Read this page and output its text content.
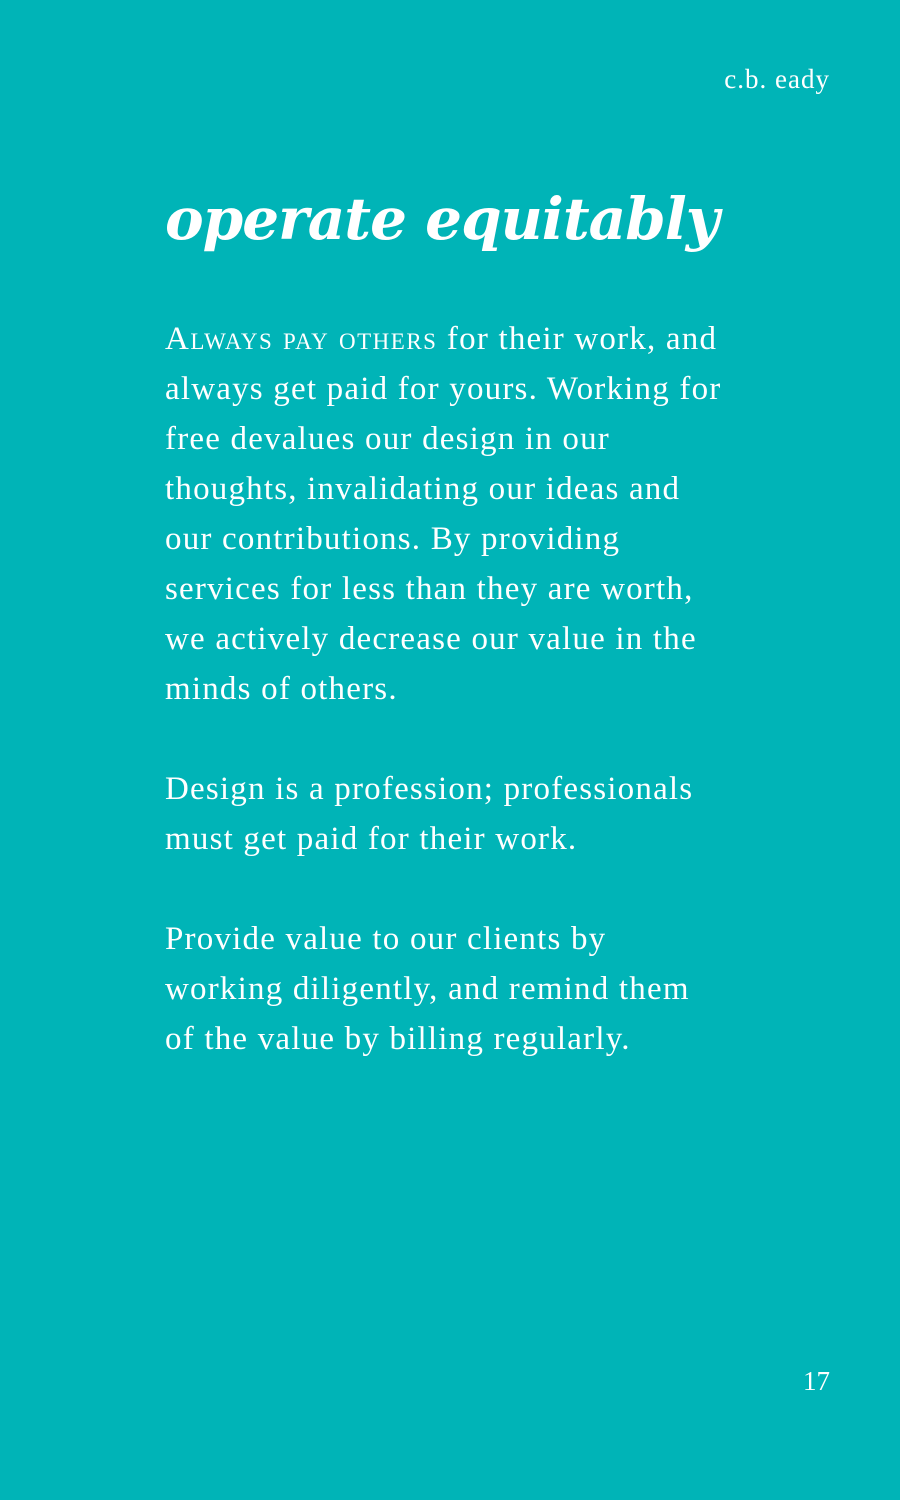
c.b. eady
operate equitably

Always pay others for their work, and always get paid for yours. Working for free devalues our design in our thoughts, invalidating our ideas and our contributions. By providing services for less than they are worth, we actively decrease our value in the minds of others.

Design is a profession; professionals must get paid for their work.

Provide value to our clients by working diligently, and remind them of the value by billing regularly.

17
